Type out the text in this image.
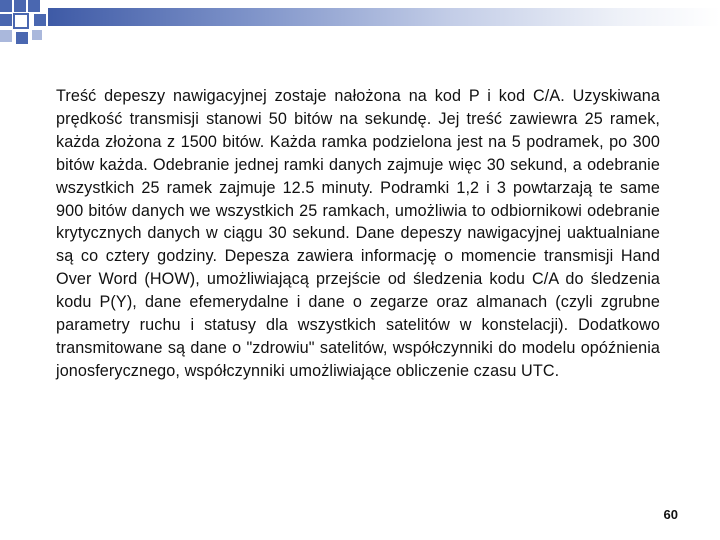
Treść depeszy nawigacyjnej zostaje nałożona na kod P i kod C/A. Uzyskiwana prędkość transmisji stanowi 50 bitów na sekundę. Jej treść zawiewra 25 ramek, każda złożona z 1500 bitów. Każda ramka podzielona jest na 5 podramek, po 300 bitów każda. Odebranie jednej ramki danych zajmuje więc 30 sekund, a odebranie wszystkich 25 ramek zajmuje 12.5 minuty. Podramki 1,2 i 3 powtarzają te same 900 bitów danych we wszystkich 25 ramkach, umożliwia to odbiornikowi odebranie krytycznych danych w ciągu 30 sekund. Dane depeszy nawigacyjnej uaktualniane są co cztery godziny. Depesza zawiera informację o momencie transmisji Hand Over Word (HOW), umożliwiającą przejście od śledzenia kodu C/A do śledzenia kodu P(Y), dane efemerydalne i dane o zegarze oraz almanach (czyli zgrubne parametry ruchu i statusy dla wszystkich satelitów w konstelacji). Dodatkowo transmitowane są dane o "zdrowiu" satelitów, współczynniki do modelu opóźnienia jonosferycznego, współczynniki umożliwiające obliczenie czasu UTC.

60
